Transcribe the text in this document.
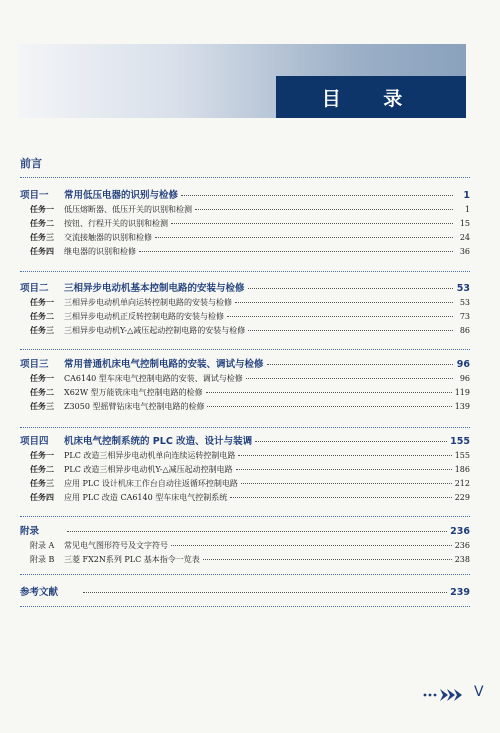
目 录
前言
项目一	常用低压电器的识别与检修	1
任务一	低压熔断器、低压开关的识别和检测	1
任务二	按钮、行程开关的识别和检测	15
任务三	交流接触器的识别和检修	24
任务四	继电器的识别和检修	36
项目二	三相异步电动机基本控制电路的安装与检修	53
任务一	三相异步电动机单向运转控制电路的安装与检修	53
任务二	三相异步电动机正反转控制电路的安装与检修	73
任务三	三相异步电动机Y-△减压起动控制电路的安装与检修	86
项目三	常用普通机床电气控制电路的安装、调试与检修	96
任务一	CA6140 型车床电气控制电路的安装、调试与检修	96
任务二	X62W 型万能铣床电气控制电路的检修	119
任务三	Z3050 型摇臂钻床电气控制电路的检修	139
项目四	机床电气控制系统的 PLC 改造、设计与装调	155
任务一	PLC 改造三相异步电动机单向连续运转控制电路	155
任务二	PLC 改造三相异步电动机Y-△减压起动控制电路	186
任务三	应用 PLC 设计机床工作台自动往返循环控制电路	212
任务四	应用 PLC 改造 CA6140 型车床电气控制系统	229
附录	236
附录 A	常见电气图形符号及文字符号	236
附录 B	三菱 FX2N系列 PLC 基本指令一览表	238
参考文献	239
V
